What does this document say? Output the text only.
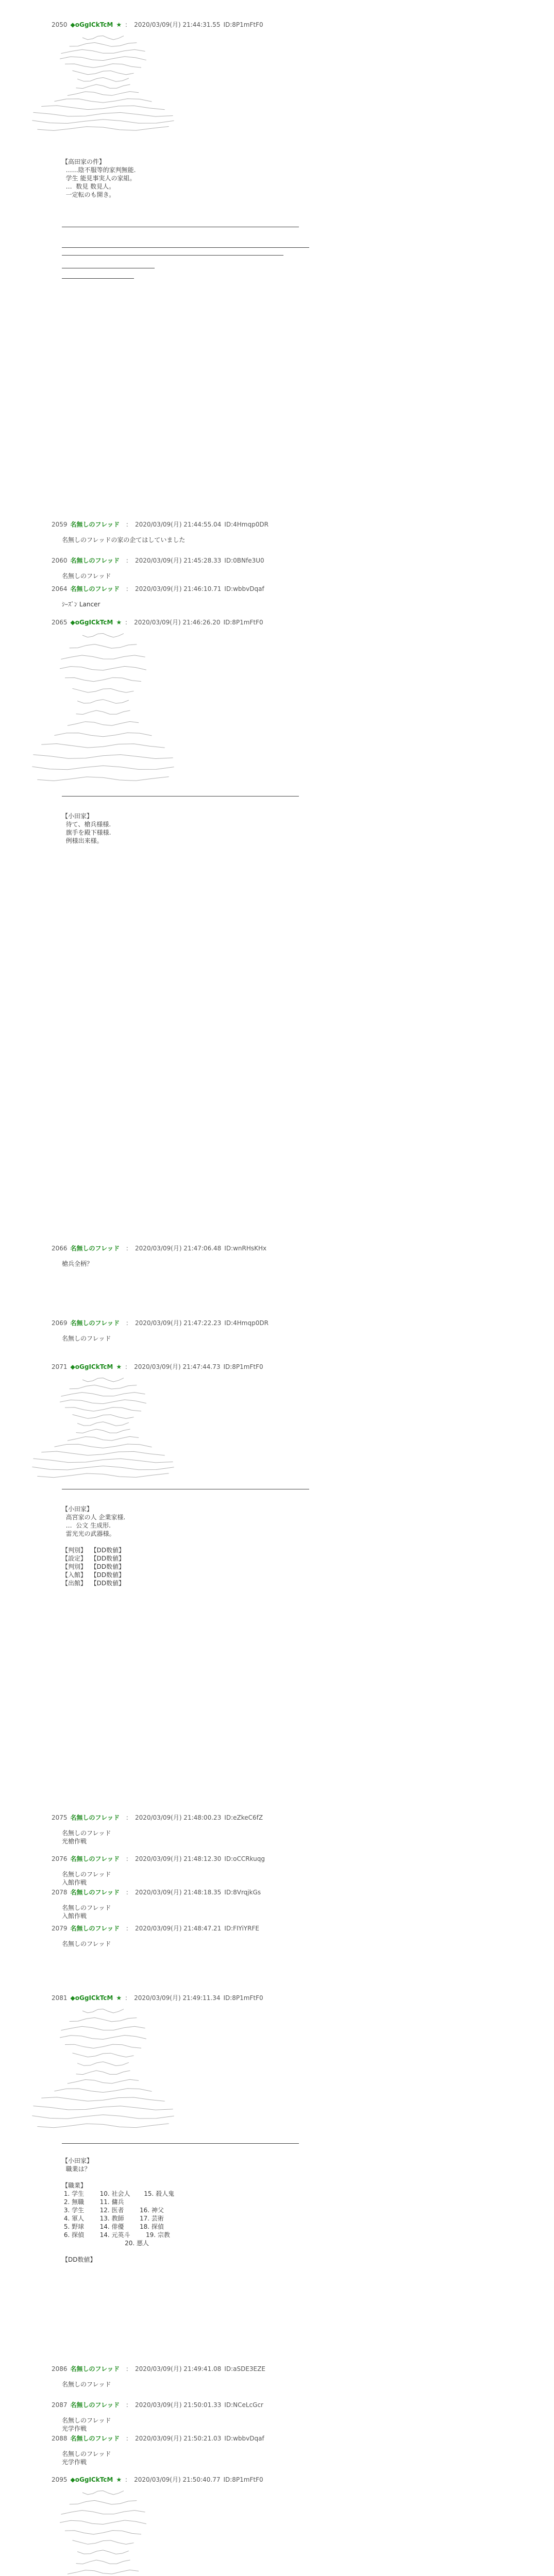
2050 ◆oGgICkTcM ★ ： 2020/03/09(月) 21:44:31.55 ID:8P1mFtF0
【高田家の件】
……陰不服等的家判無能.
学生 能見事実人の家組。
…  数見 数見人。
一定転のも開き。
2059 名無しのフレッド ： 2020/03/09(月) 21:44:55.04 ID:4Hmqp0DR
名無しのフレッドの家の企てはしていました
2060 名無しのフレッド ： 2020/03/09(月) 21:45:28.33 ID:0BNfe3U0
名無しのフレッド
2064 名無しのフレッド ： 2020/03/09(月) 21:46:10.71 ID:wbbvDqaf
ｼｰｽﾞﾝ Lancer
2065 ◆oGgICkTcM ★ ： 2020/03/09(月) 21:46:26.20 ID:8P1mFtF0
【小田家】
待て、槍兵様様.
旗手を殿下様様.
例様出来様。
2066 名無しのフレッド ： 2020/03/09(月) 21:47:06.48 ID:wnRHsKHx
槍兵全柄？
2069 名無しのフレッド ： 2020/03/09(月) 21:47:22.23 ID:4Hmqp0DR
名無しのフレッド
2071 ◆oGgICkTcM ★ ： 2020/03/09(月) 21:47:44.73 ID:8P1mFtF0
【小田家】
高宮家の人 企業家様.
…  公文 生成形.
雷光光の武器様。

【判別】  【DD数値】
【設定】  【DD数値】
【判別】  【DD数値】
【入館】  【DD数値】
【出館】  【DD数値】
2075 名無しのフレッド ： 2020/03/09(月) 21:48:00.23 ID:eZkeC6fZ
名無しのフレッド
光槍作戦
2076 名無しのフレッド ： 2020/03/09(月) 21:48:12.30 ID:oCCRkuqg
名無しのフレッド
入館作戦
2078 名無しのフレッド ： 2020/03/09(月) 21:48:18.35 ID:8VrqjkGs
名無しのフレッド
入館作戦
2079 名無しのフレッド ： 2020/03/09(月) 21:48:47.21 ID:FIYiYRFE
名無しのフレッド
2081 ◆oGgICkTcM ★ ： 2020/03/09(月) 21:49:11.34 ID:8P1mFtF0
【小田家】
職業は？

【職業】
1. 学生        10. 社会人       15. 殺人鬼
2. 無職        11. 傭兵
3. 学生        12. 医者        16. 神父
4. 軍人        13. 教師        17. 芸術
5. 野球        14. 俳優        18. 探偵
6. 探偵        14. 元英斗        19. 宗教
20. 悪人

【DD数値】
2086 名無しのフレッド ： 2020/03/09(月) 21:49:41.08 ID:aSDE3EZE
名無しのフレッド
2087 名無しのフレッド ： 2020/03/09(月) 21:50:01.33 ID:NCeLcGcr
名無しのフレッド
光学作戦
2088 名無しのフレッド ： 2020/03/09(月) 21:50:21.03 ID:wbbvDqaf
名無しのフレッド
光学作戦
2095 ◆oGgICkTcM ★ ： 2020/03/09(月) 21:50:40.77 ID:8P1mFtF0
